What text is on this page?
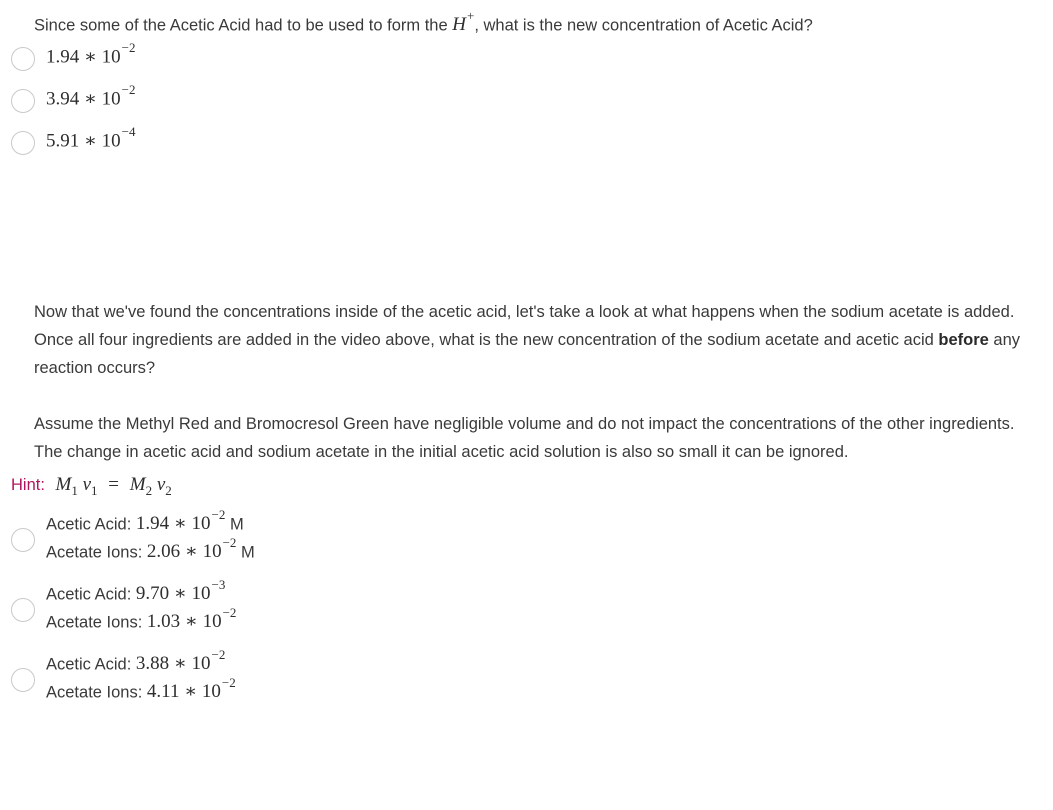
Since some of the Acetic Acid had to be used to form the H+, what is the new concentration of Acetic Acid?
1.94 ∗ $10^{-2}$
3.94 ∗ $10^{-2}$
5.91 ∗ $10^{-4}$
Now that we've found the concentrations inside of the acetic acid, let's take a look at what happens when the sodium acetate is added. Once all four ingredients are added in the video above, what is the new concentration of the sodium acetate and acetic acid before any reaction occurs?
Assume the Methyl Red and Bromocresol Green have negligible volume and do not impact the concentrations of the other ingredients. The change in acetic acid and sodium acetate in the initial acetic acid solution is also so small it can be ignored.
Hint: $M_1$ $v_1 = M_2$ $v_2$
Acetic Acid: 1.94 ∗ $10^{-2}$ M
Acetate Ions: 2.06 ∗ $10^{-2}$ M
Acetic Acid: 9.70 ∗ $10^{-3}$
Acetate Ions: 1.03 ∗ $10^{-2}$
Acetic Acid: 3.88 ∗ $10^{-2}$
Acetate Ions: 4.11 ∗ $10^{-2}$
